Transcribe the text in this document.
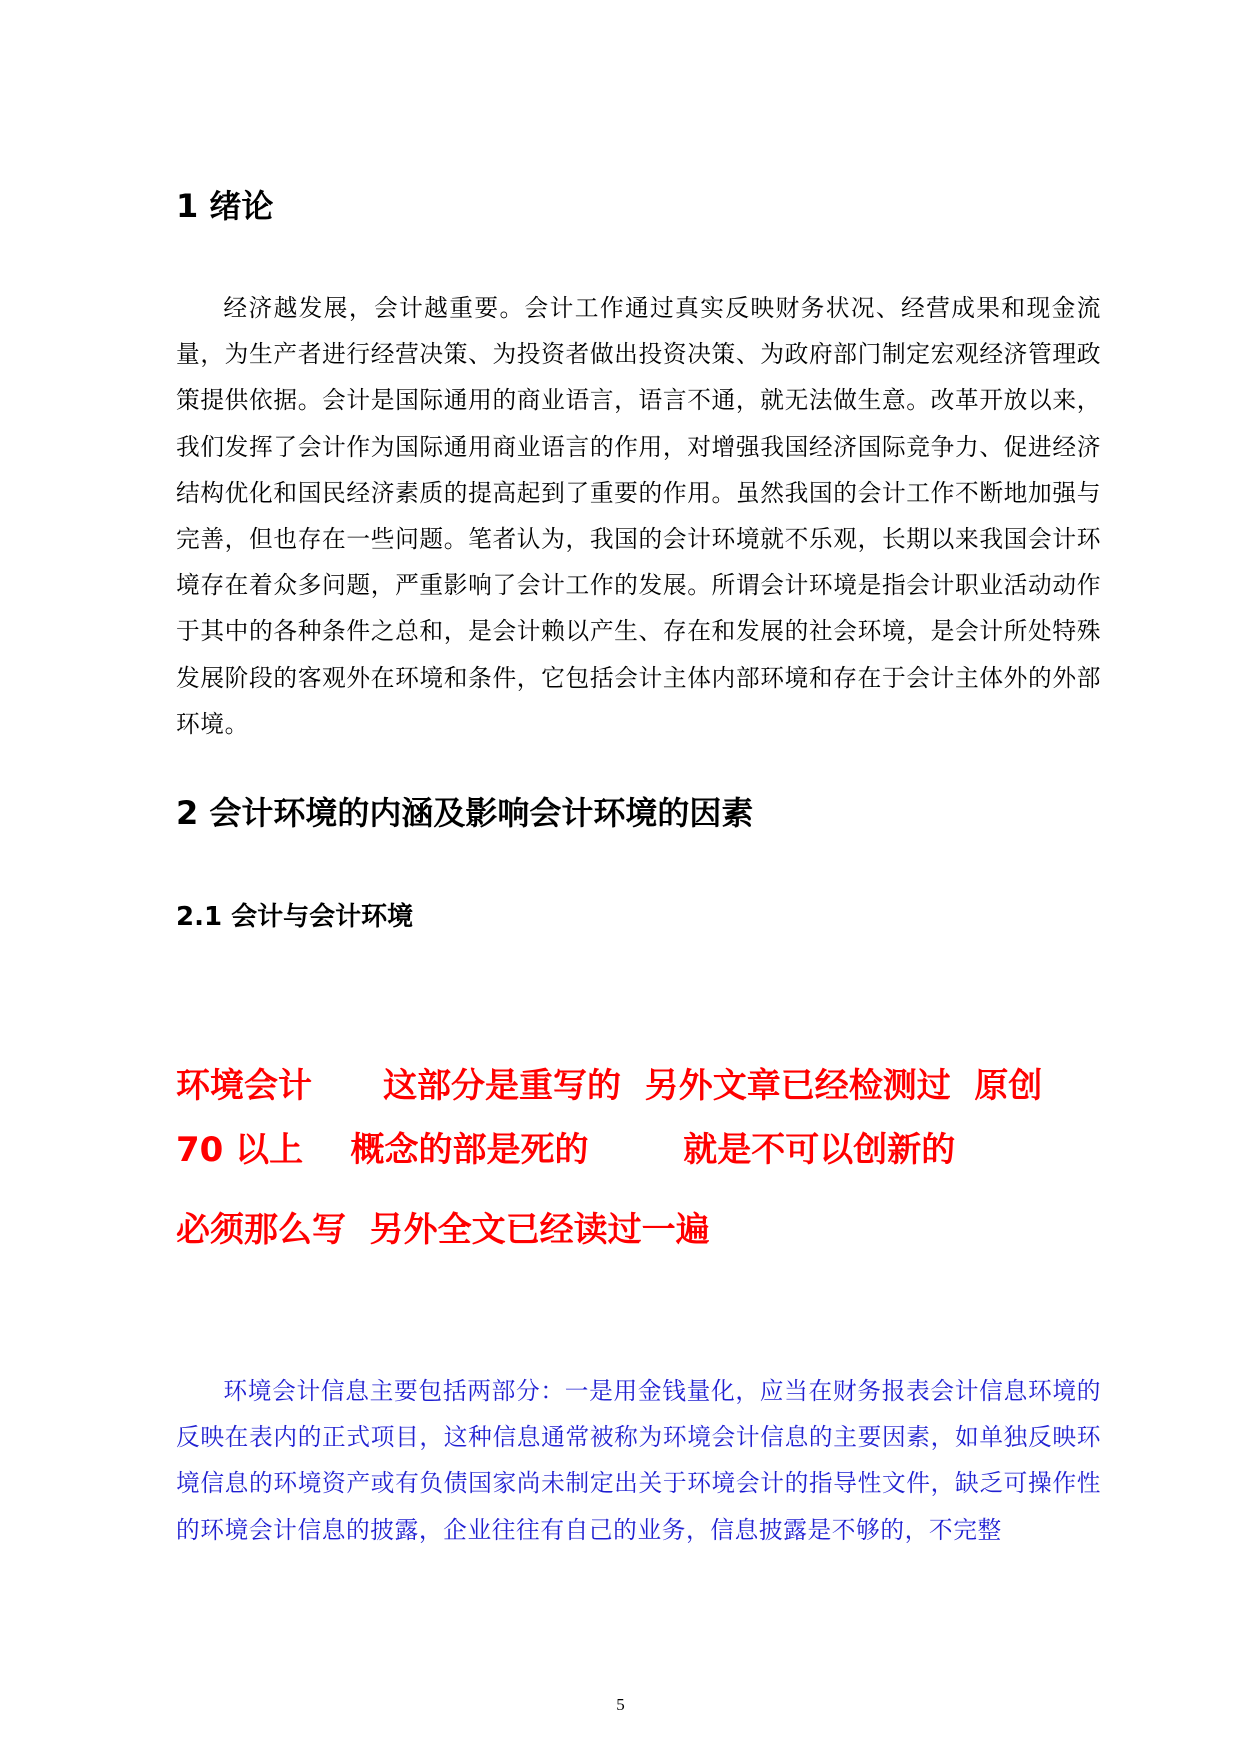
1 绪论

经济越发展，会计越重要。会计工作通过真实反映财务状况、经营成果和现金流量，为生产者进行经营决策、为投资者做出投资决策、为政府部门制定宏观经济管理政策提供依据。会计是国际通用的商业语言，语言不通，就无法做生意。改革开放以来，我们发挥了会计作为国际通用商业语言的作用，对增强我国经济国际竞争力、促进经济结构优化和国民经济素质的提高起到了重要的作用。虽然我国的会计工作不断地加强与完善，但也存在一些问题。笔者认为，我国的会计环境就不乐观，长期以来我国会计环境存在着众多问题，严重影响了会计工作的发展。所谓会计环境是指会计职业活动动作于其中的各种条件之总和，是会计赖以产生、存在和发展的社会环境，是会计所处特殊发展阶段的客观外在环境和条件，它包括会计主体内部环境和存在于会计主体外的外部环境。

2 会计环境的内涵及影响会计环境的因素
2.1 会计与会计环境

环境会计      这部分是重写的  另外文章已经检测过  原创

70 以上    概念的部是死的        就是不可以创新的

必须那么写  另外全文已经读过一遍

环境会计信息主要包括两部分：一是用金钱量化，应当在财务报表会计信息环境的反映在表内的正式项目，这种信息通常被称为环境会计信息的主要因素，如单独反映环境信息的环境资产或有负债国家尚未制定出关于环境会计的指导性文件，缺乏可操作性的环境会计信息的披露，企业往往有自己的业务，信息披露是不够的，不完整

5
